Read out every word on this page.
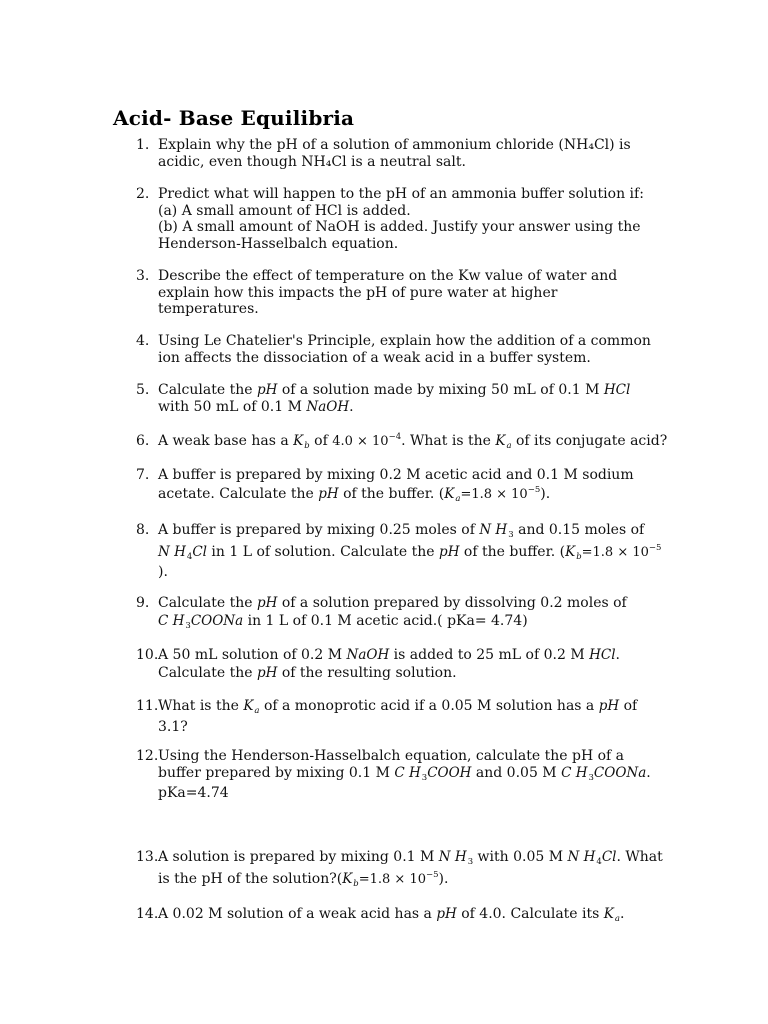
Acid- Base Equilibria
1. Explain why the pH of a solution of ammonium chloride (NH₄Cl) is
acidic, even though NH₄Cl is a neutral salt.
2. Predict what will happen to the pH of an ammonia buffer solution if:
(a) A small amount of HCl is added.
(b) A small amount of NaOH is added. Justify your answer using the
Henderson-Hasselbalch equation.
3. Describe the effect of temperature on the Kw value of water and
explain how this impacts the pH of pure water at higher
temperatures.
4. Using Le Chatelier's Principle, explain how the addition of a common
ion affects the dissociation of a weak acid in a buffer system.
5. Calculate the pH of a solution made by mixing 50 mL of 0.1 M HCl
with 50 mL of 0.1 M NaOH.
6. A weak base has a $K_b$ of $4.0 \times 10^{-4}$. What is the $K_a$ of its conjugate acid?
7. A buffer is prepared by mixing 0.2 M acetic acid and 0.1 M sodium
acetate. Calculate the pH of the buffer. $(K_a=1.8 \times 10^{-5})$.
8. A buffer is prepared by mixing 0.25 moles of N $H_3$ and 0.15 moles of
N $H_4Cl$ in 1 L of solution. Calculate the pH of the buffer. ($K_b=1.8 \times 10^{-5}$
).
9. Calculate the pH of a solution prepared by dissolving 0.2 moles of
C $H_3COONa$ in 1 L of 0.1 M acetic acid.( pKa= 4.74)
10. A 50 mL solution of 0.2 M NaOH is added to 25 mL of 0.2 M HCl.
Calculate the pH of the resulting solution.
11. What is the $K_a$ of a monoprotic acid if a 0.05 M solution has a pH of
3.1?
12. Using the Henderson-Hasselbalch equation, calculate the pH of a
buffer prepared by mixing 0.1 M C $H_3COOH$ and 0.05 M C $H_3COONa$.
pKa=4.74
13. A solution is prepared by mixing 0.1 M N $H_3$ with 0.05 M N $H_4Cl$. What
is the pH of the $solution?(K_b=1.8 \times 10^{-5})$.
14. A 0.02 M solution of a weak acid has a pH of 4.0. Calculate its $K_a$.
